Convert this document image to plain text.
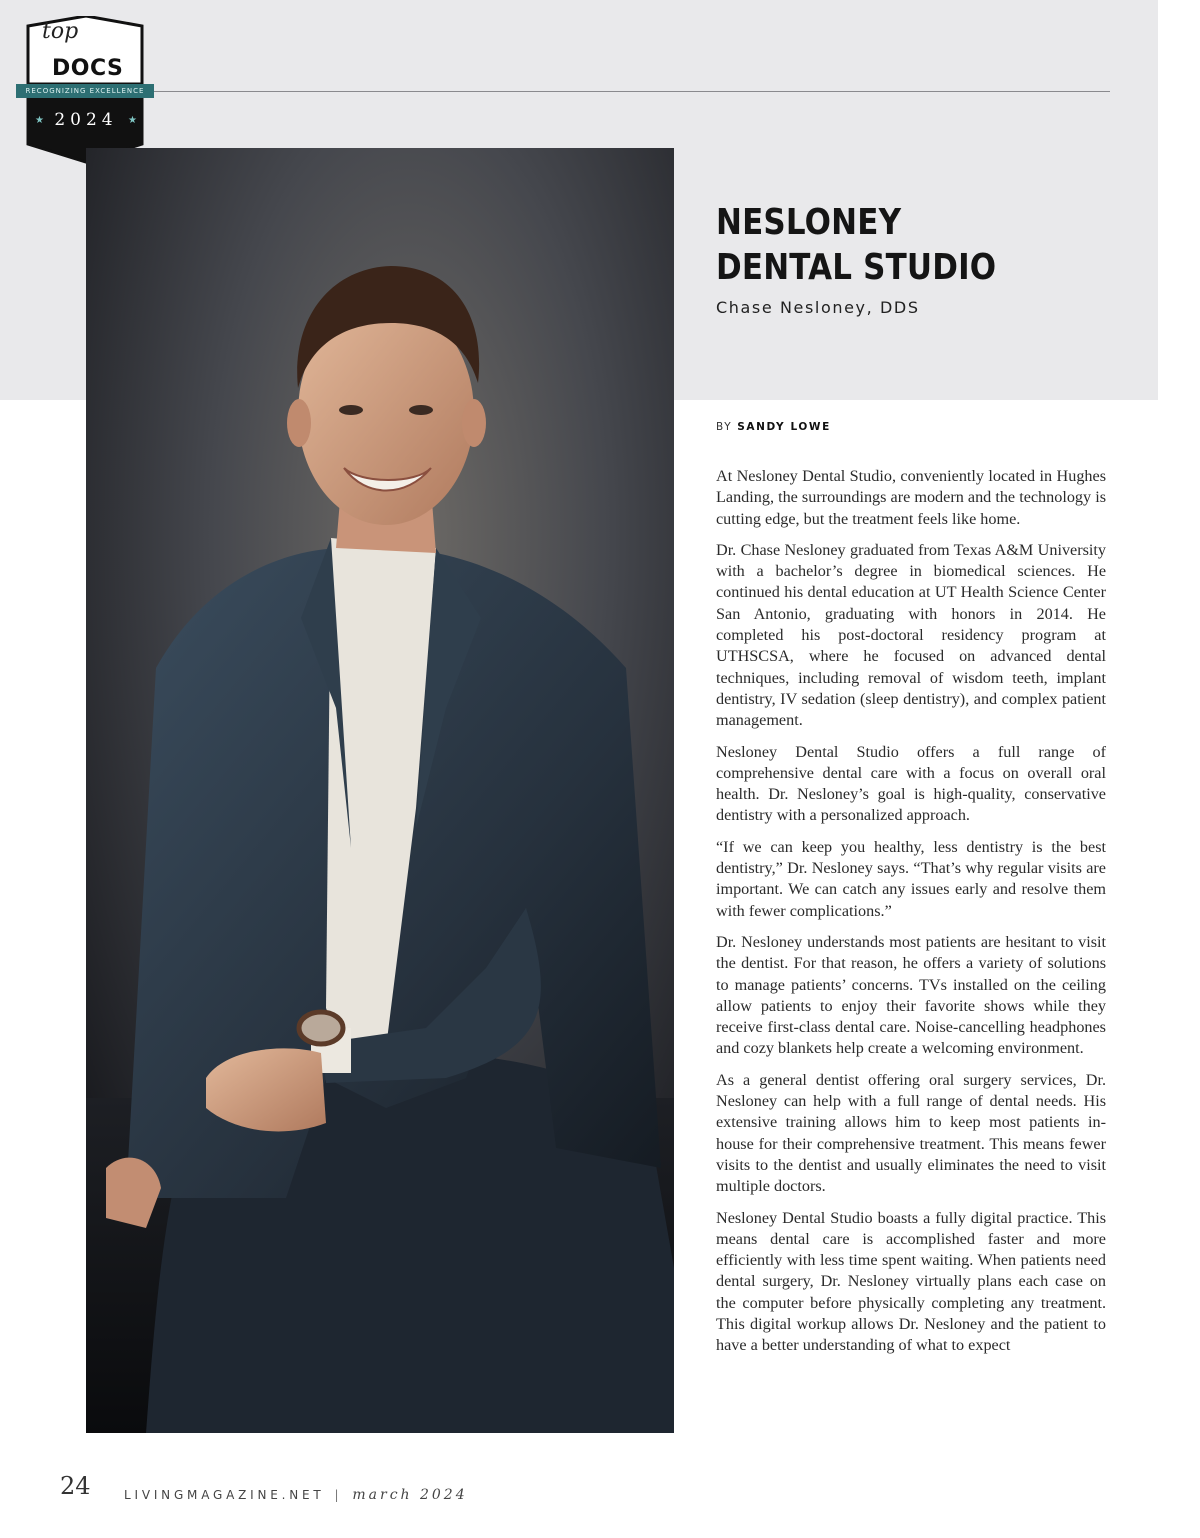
top
DOCS
RECOGNIZING EXCELLENCE
★ 2024 ★
NESLONEY
DENTAL STUDIO
Chase Nesloney, DDS
BY SANDY LOWE

At Nesloney Dental Studio, conveniently located in Hughes Landing, the surroundings are modern and the technology is cutting edge, but the treatment feels like home.

Dr. Chase Nesloney graduated from Texas A&M University with a bachelor’s degree in biomedical sciences. He continued his dental education at UT Health Science Center San Antonio, graduating with honors in 2014. He completed his post-doctoral residency program at UTHSCSA, where he focused on advanced dental techniques, including removal of wisdom teeth, implant dentistry, IV sedation (sleep dentistry), and complex patient management.

Nesloney Dental Studio offers a full range of comprehensive dental care with a focus on overall oral health. Dr. Nesloney’s goal is high-quality, conservative dentistry with a personalized approach.

“If we can keep you healthy, less dentistry is the best dentistry,” Dr. Nesloney says. “That’s why regular visits are important. We can catch any issues early and resolve them with fewer complications.”

Dr. Nesloney understands most patients are hesitant to visit the dentist. For that reason, he offers a variety of solutions to manage patients’ concerns. TVs installed on the ceiling allow patients to enjoy their favorite shows while they receive first-class dental care. Noise-cancelling headphones and cozy blankets help create a welcoming environment.

As a general dentist offering oral surgery services, Dr. Nesloney can help with a full range of dental needs. His extensive training allows him to keep most patients in-house for their comprehensive treatment. This means fewer visits to the dentist and usually eliminates the need to visit multiple doctors.

Nesloney Dental Studio boasts a fully digital practice. This means dental care is accomplished faster and more efficiently with less time spent waiting. When patients need dental surgery, Dr. Nesloney virtually plans each case on the computer before physically completing any treatment. This digital workup allows Dr. Nesloney and the patient to have a better understanding of what to expect

24	LIVINGMAGAZINE.NET | march 2024
